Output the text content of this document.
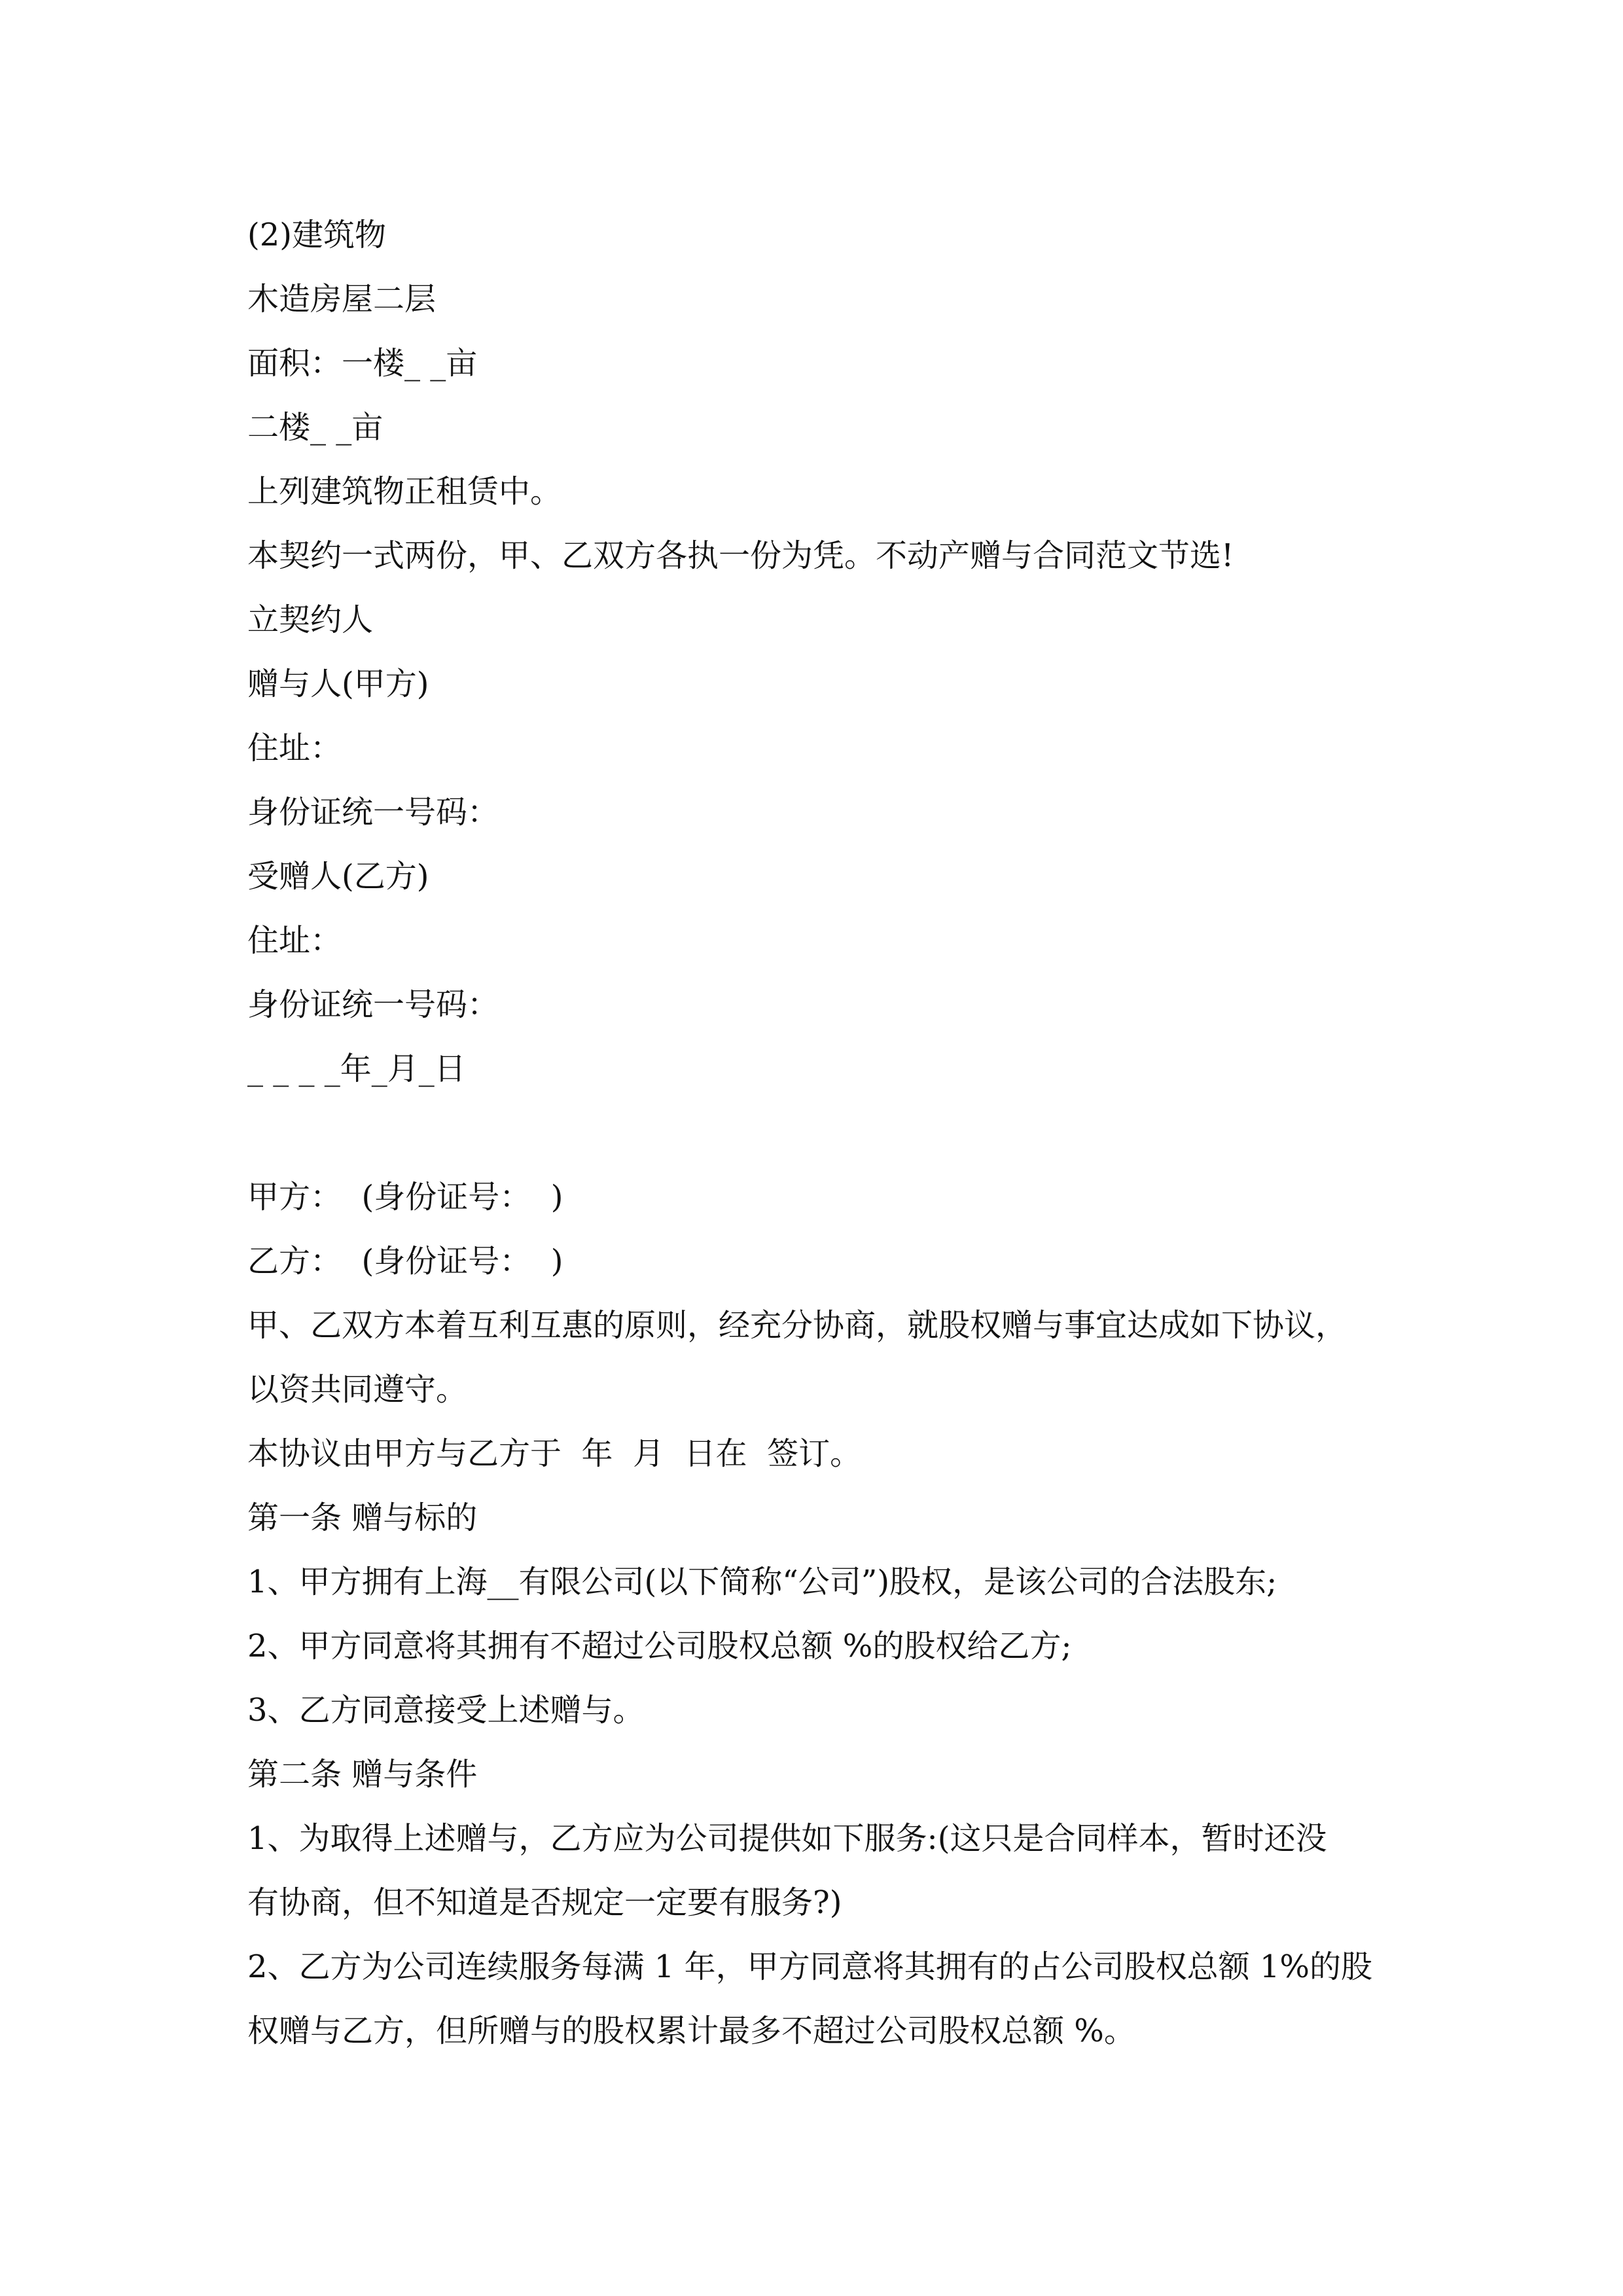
(2)建筑物
木造房屋二层
面积：一楼_ _亩
二楼_ _亩
上列建筑物正租赁中。
本契约一式两份，甲、乙双方各执一份为凭。不动产赠与合同范文节选!
立契约人
赠与人(甲方)
住址：
身份证统一号码：
受赠人(乙方)
住址：
身份证统一号码：
_ _ _ _年_月_日
甲方：  (身份证号：  )
乙方：  (身份证号：  )
甲、乙双方本着互利互惠的原则，经充分协商，就股权赠与事宜达成如下协议，
以资共同遵守。
本协议由甲方与乙方于  年  月  日在  签订。
第一条 赠与标的
1、甲方拥有上海__有限公司(以下简称“公司”)股权，是该公司的合法股东;
2、甲方同意将其拥有不超过公司股权总额 %的股权给乙方;
3、乙方同意接受上述赠与。
第二条 赠与条件
1、为取得上述赠与，乙方应为公司提供如下服务:(这只是合同样本，暂时还没
有协商，但不知道是否规定一定要有服务?)
2、乙方为公司连续服务每满 1 年，甲方同意将其拥有的占公司股权总额 1%的股
权赠与乙方，但所赠与的股权累计最多不超过公司股权总额 %。
